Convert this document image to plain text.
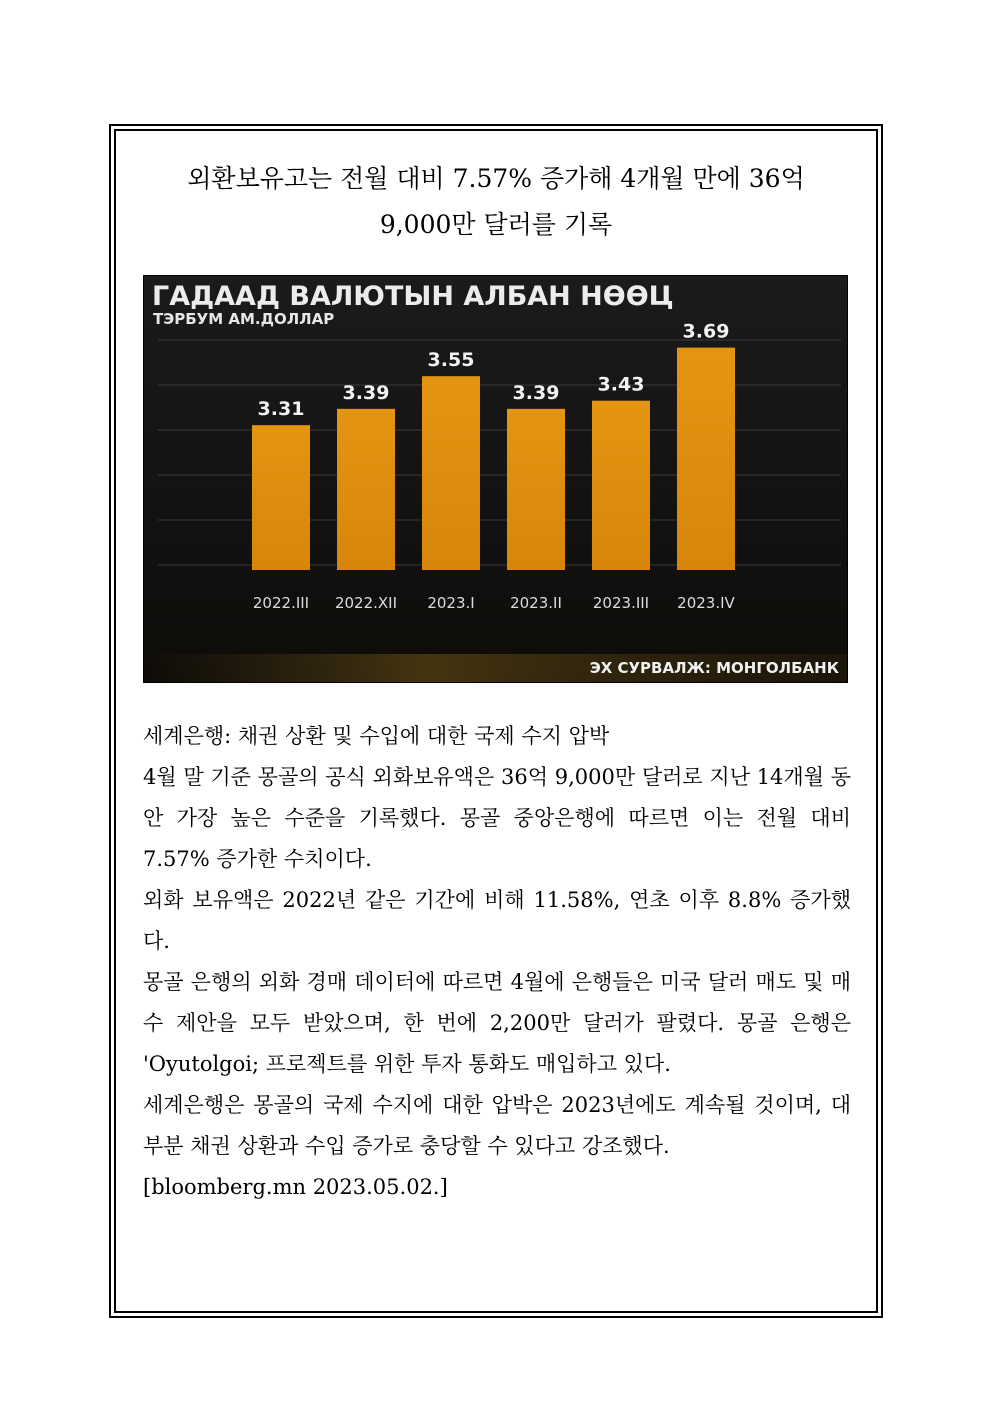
외환보유고는 전월 대비 7.57% 증가해 4개월 만에 36억
9,000만 달러를 기록
3.31
2022.III
3.39
2022.XII
3.55
2023.I
3.39
2023.II
3.43
2023.III
3.69
2023.IV
ГАДААД ВАЛЮТЫН АЛБАН НӨӨЦ
ТЭРБУМ АМ.ДОЛЛАР
ЭХ СУРВАЛЖ: МОНГОЛБАНК

세계은행: 채권 상환 및 수입에 대한 국제 수지 압박

4월 말 기준 몽골의 공식 외화보유액은 36억 9,000만 달러로 지난 14개월 동안 가장 높은 수준을 기록했다. 몽골 중앙은행에 따르면 이는 전월 대비 7.57% 증가한 수치이다.

외화 보유액은 2022년 같은 기간에 비해 11.58%, 연초 이후 8.8% 증가했다.

몽골 은행의 외화 경매 데이터에 따르면 4월에 은행들은 미국 달러 매도 및 매수 제안을 모두 받았으며, 한 번에 2,200만 달러가 팔렸다. 몽골 은행은 'Oyutolgoi; 프로젝트를 위한 투자 통화도 매입하고 있다.

세계은행은 몽골의 국제 수지에 대한 압박은 2023년에도 계속될 것이며, 대부분 채권 상환과 수입 증가로 충당할 수 있다고 강조했다.

[bloomberg.mn 2023.05.02.]
